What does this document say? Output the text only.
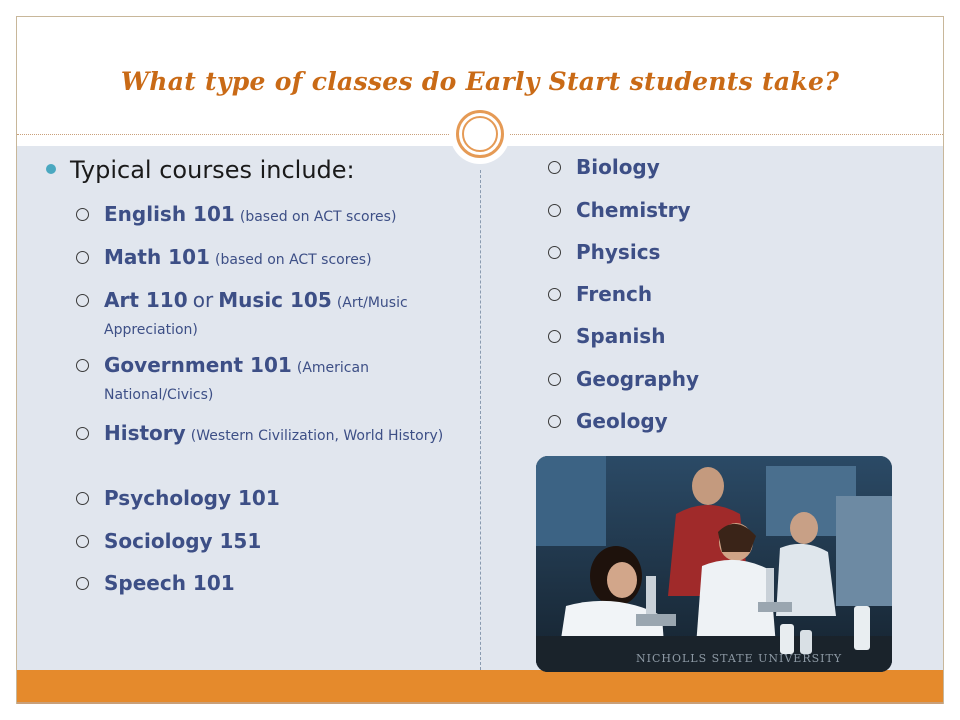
What type of classes do Early Start students take?
Typical courses include:
English 101 (based on ACT scores)
Math 101 (based on ACT scores)
Art 110 or Music 105 (Art/Music Appreciation)
Government 101 (American National/Civics)
History (Western Civilization, World History)
Psychology 101
Sociology 151
Speech 101
Biology
Chemistry
Physics
French
Spanish
Geography
Geology
NICHOLLS STATE UNIVERSITY
